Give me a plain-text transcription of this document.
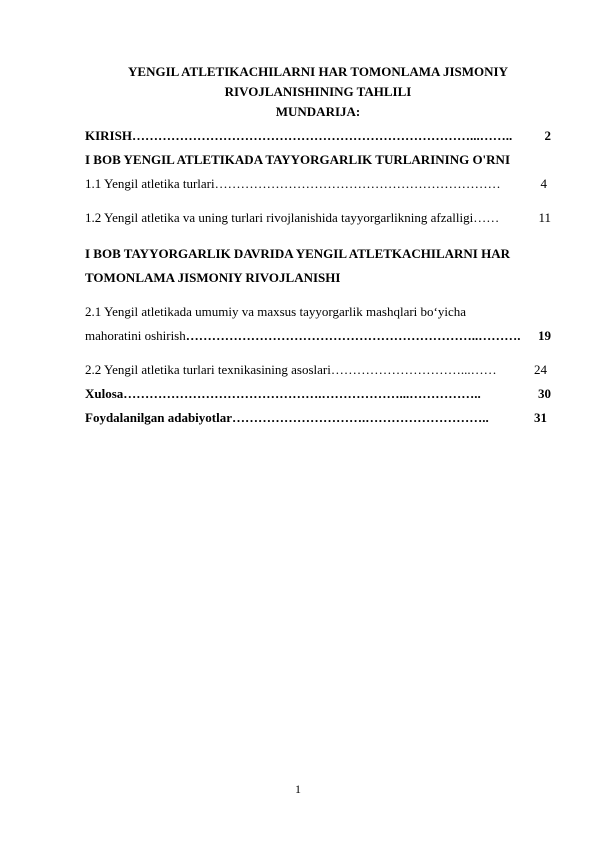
YENGIL ATLETIKACHILARNI HAR TOMONLAMA JISMONIY
RIVOJLANISHINING TAHLILI
MUNDARIJA:
KIRISH ……………………………………………………………………...……..	2
I BOB YENGIL ATLETIKADA TAYYORGARLIK TURLARINING O'RNI
1.1 Yengil atletika turlari …………………………………………………………	4
1.2 Yengil atletika va uning turlari rivojlanishida tayyorgarlikning afzalligi ……	11
I BOB TAYYORGARLIK DAVRIDA YENGIL ATLETKACHILARNI HAR
TOMONLAMA JISMONIY RIVOJLANISHI
2.1 Yengil atletikada umumiy va maxsus tayyorgarlik mashqlari bo‘yicha
mahoratini oshirish …………………………………………………………..……….	19
2.2 Yengil atletika turlari texnikasining asoslari …………………………...……	24
Xulosa ……………………………………….………………...……………..	30
Foydalanilgan adabiyotlar ………………………….………………………..	31
1
